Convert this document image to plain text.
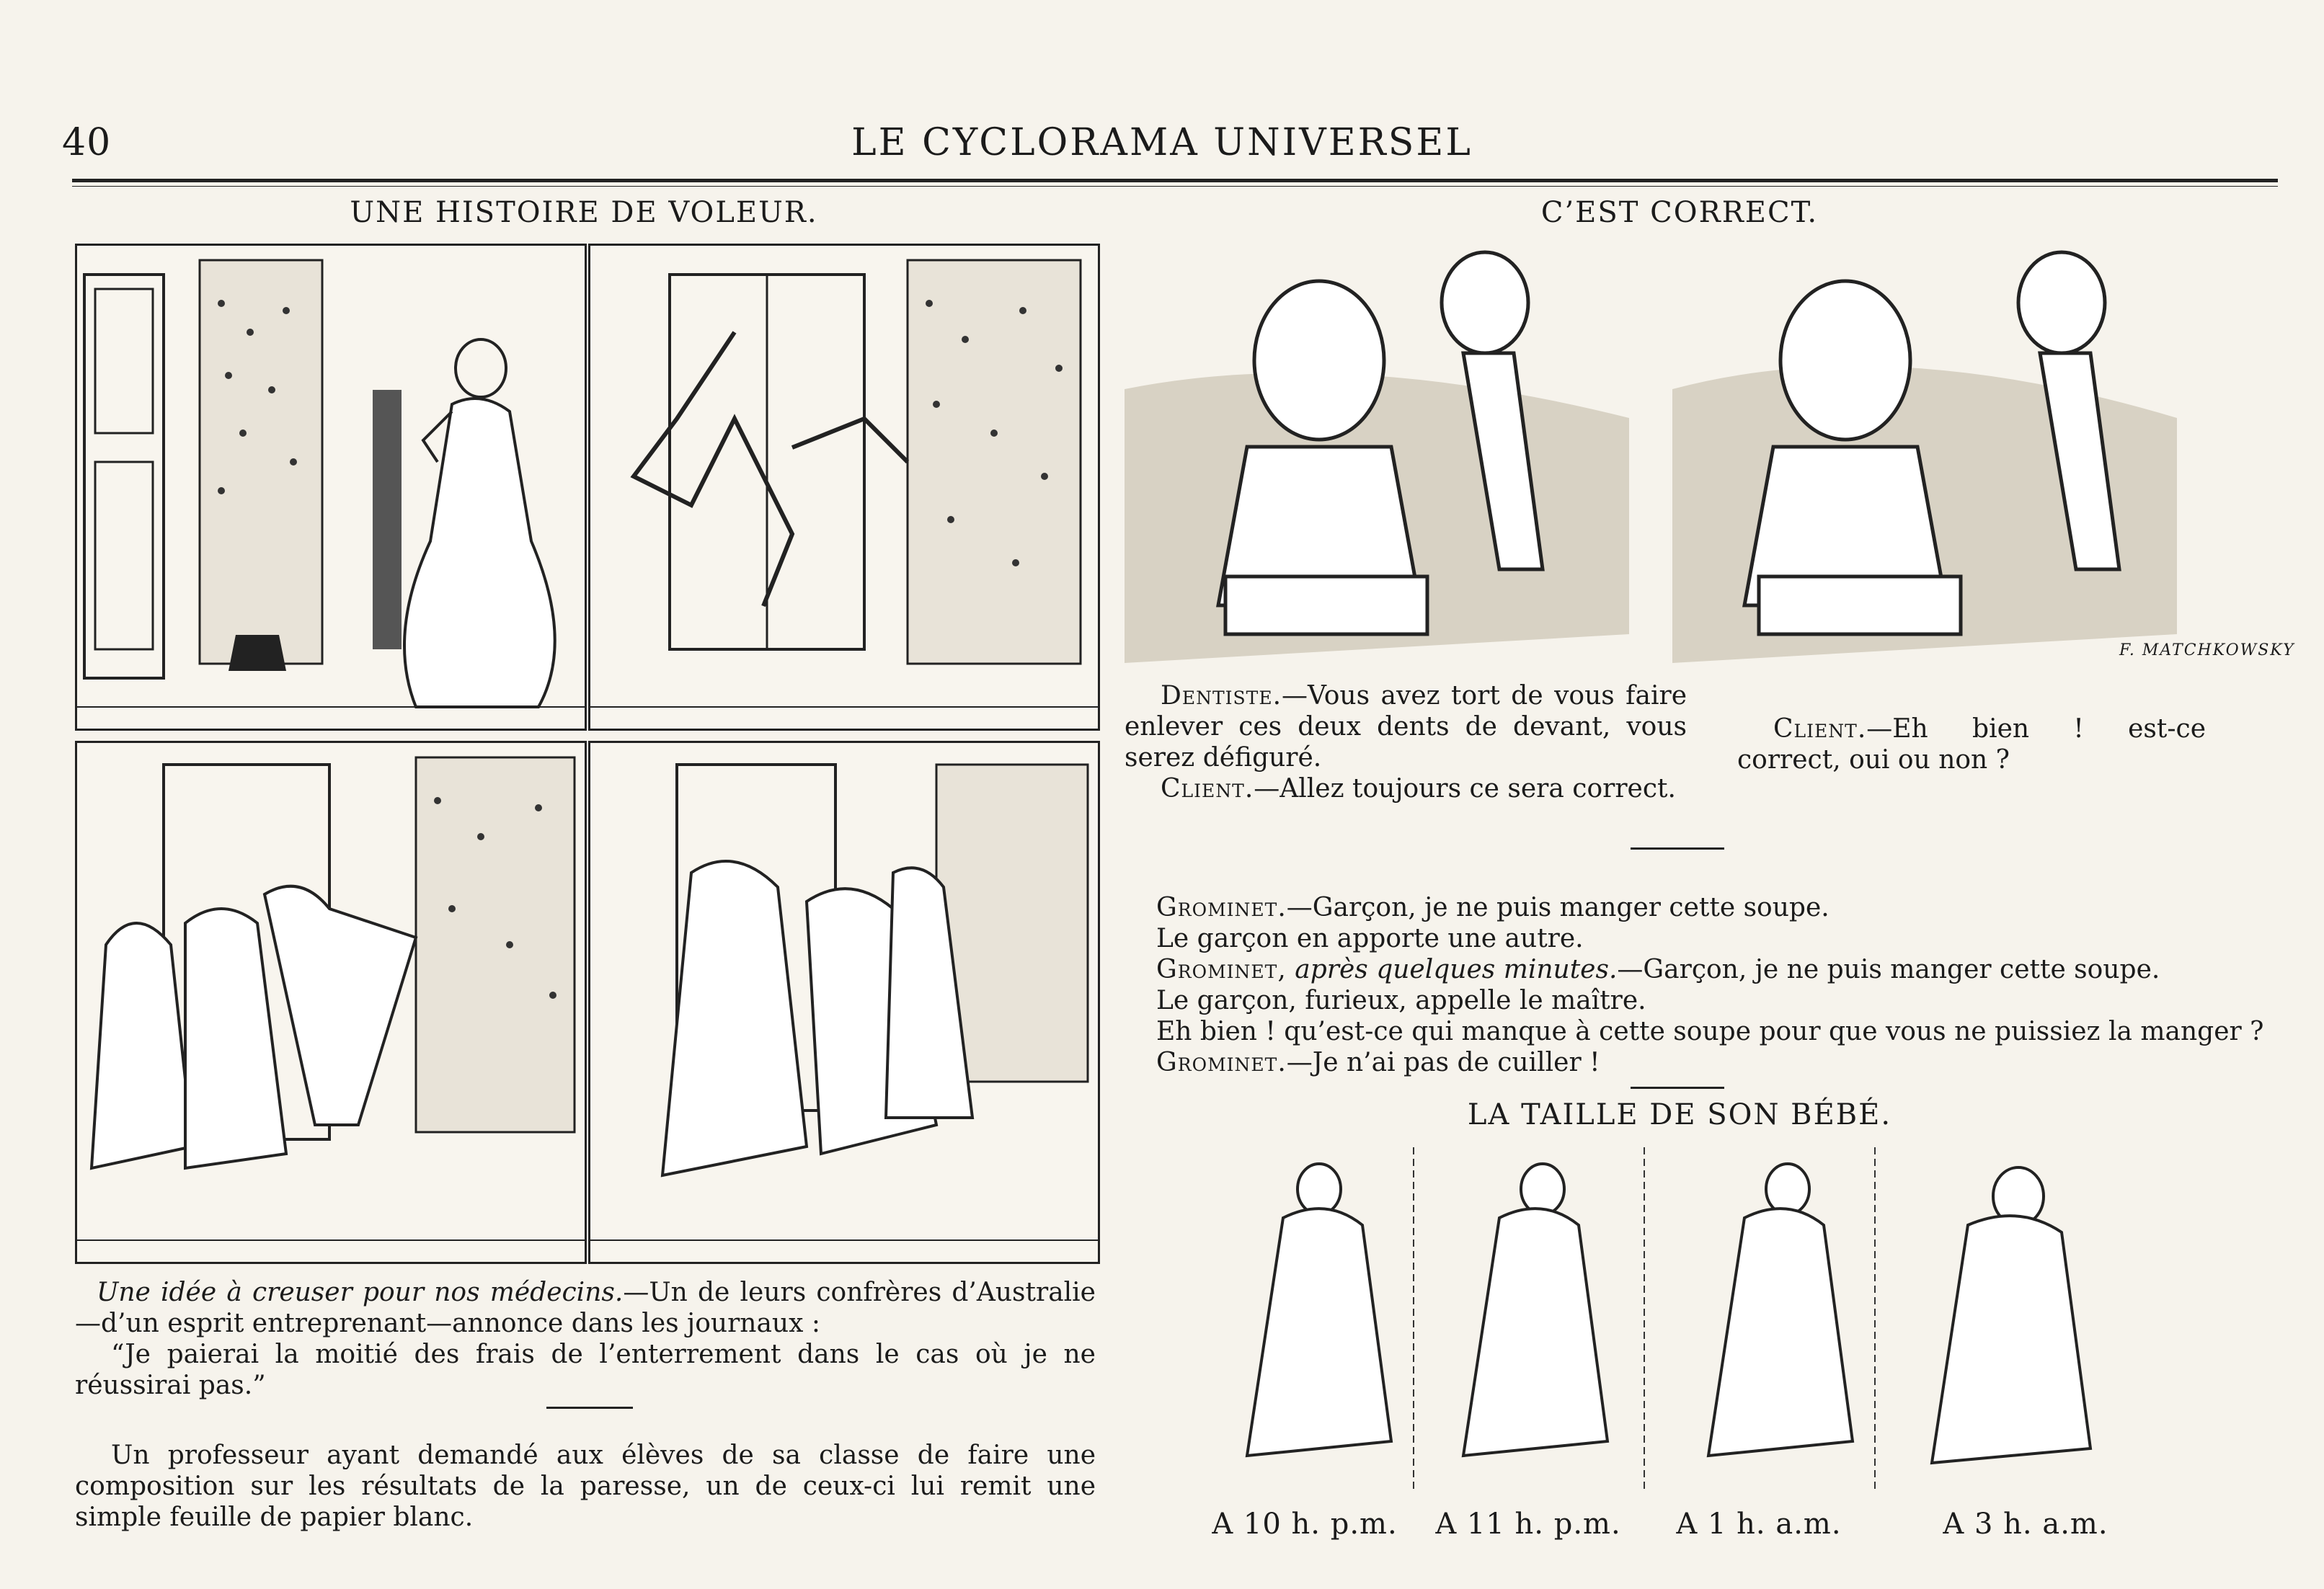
40	LE CYCLORAMA UNIVERSEL
UNE HISTOIRE DE VOLEUR.

Une idée à creuser pour nos médecins.—Un de leurs confrères d’Australie—d’un esprit entreprenant—annonce dans les journaux :

“Je paierai la moitié des frais de l’enterrement dans le cas où je ne réussirai pas.”

Un professeur ayant demandé aux élèves de sa classe de faire une composition sur les résultats de la paresse, un de ceux-ci lui remit une simple feuille de papier blanc.

C’EST CORRECT.
F. MATCHKOWSKY

Dentiste.—Vous avez tort de vous faire enlever ces deux dents de devant, vous serez défiguré.

Client.—Allez toujours ce sera correct.

Client.—Eh bien ! est-ce correct, oui ou non ?

Grominet.—Garçon, je ne puis manger cette soupe.

Le garçon en apporte une autre.

Grominet, après quelques minutes.—Garçon, je ne puis manger cette soupe.

Le garçon, furieux, appelle le maître.

Eh bien ! qu’est-ce qui manque à cette soupe pour que vous ne puissiez la manger ?

Grominet.—Je n’ai pas de cuiller !

LA TAILLE DE SON BÉBÉ.
A 10 h. p.m.	A 11 h. p.m.	A 1 h. a.m.	A 3 h. a.m.
